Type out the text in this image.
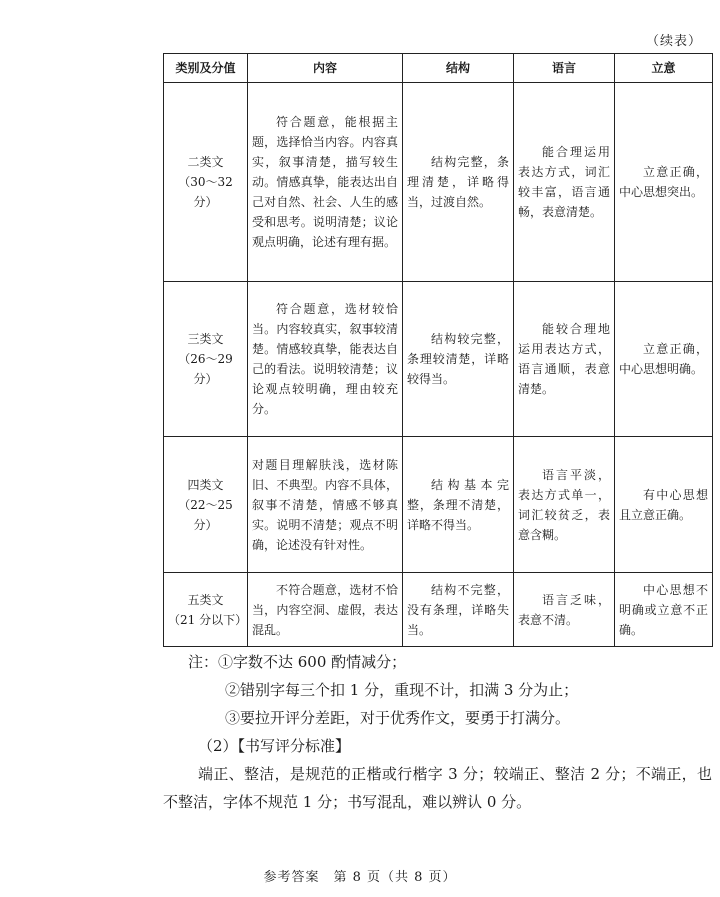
（续表）
类别及分值	内容	结构	语言	立意

二类文
（30～32 分）	符合题意，能根据主题，选择恰当内容。内容真实，叙事清楚，描写较生动。情感真挚，能表达出自己对自然、社会、人生的感受和思考。说明清楚；议论观点明确，论述有理有据。	结构完整，条理清楚，详略得当，过渡自然。	能合理运用表达方式，词汇较丰富，语言通畅，表意清楚。	立意正确，中心思想突出。

三类文
（26～29 分）	符合题意，选材较恰当。内容较真实，叙事较清楚。情感较真挚，能表达自己的看法。说明较清楚；议论观点较明确，理由较充分。	结构较完整，条理较清楚，详略较得当。	能较合理地运用表达方式，语言通顺，表意清楚。	立意正确，中心思想明确。

四类文
（22～25 分）	对题目理解肤浅，选材陈旧、不典型。内容不具体，叙事不清楚，情感不够真实。说明不清楚；观点不明确，论述没有针对性。	结构基本完整，条理不清楚，详略不得当。	语言平淡，表达方式单一，词汇较贫乏，表意含糊。	有中心思想且立意正确。

五类文
（21 分以下）	不符合题意，选材不恰当，内容空洞、虚假，表达混乱。	结构不完整，没有条理，详略失当。	语言乏味，表意不清。	中心思想不明确或立意不正确。

注：①字数不达 600 酌情减分；

②错别字每三个扣 1 分，重现不计，扣满 3 分为止；

③要拉开评分差距，对于优秀作文，要勇于打满分。

（2）【书写评分标准】

端正、整洁，是规范的正楷或行楷字 3 分；较端正、整洁 2 分；不端正，也不整洁，字体不规范 1 分；书写混乱，难以辨认 0 分。

参考答案　第 8 页（共 8 页）
